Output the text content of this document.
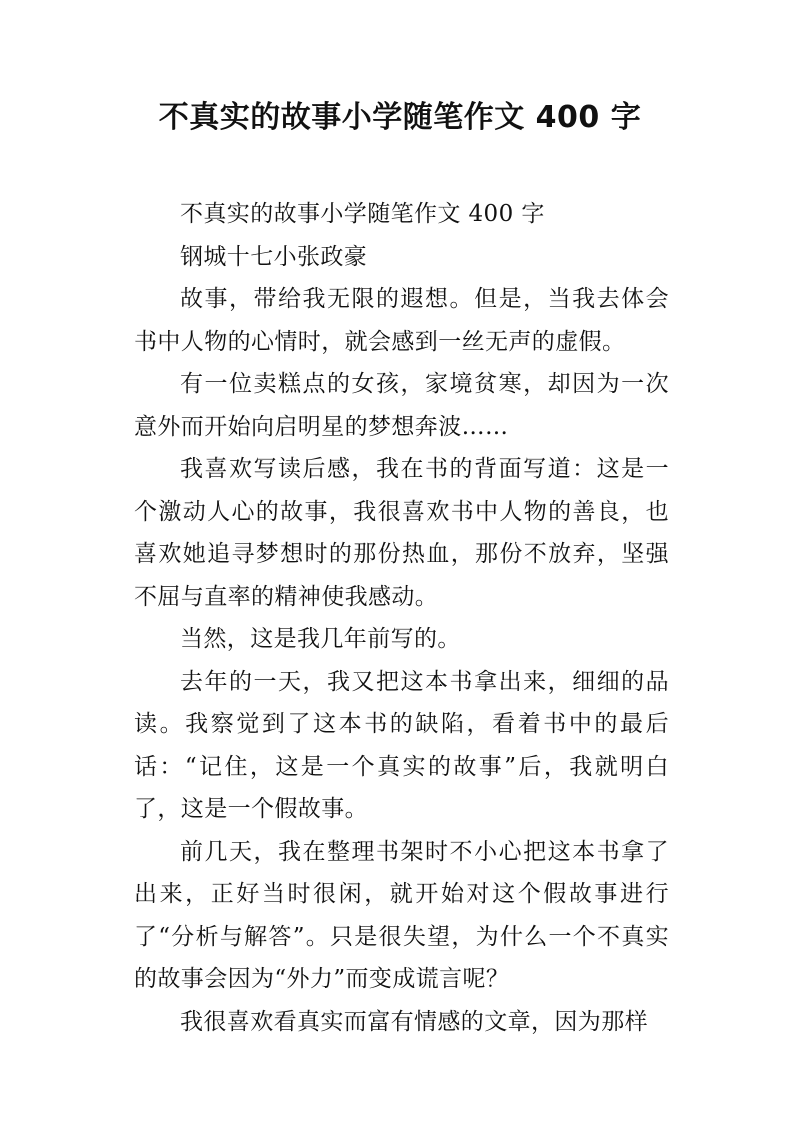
不真实的故事小学随笔作文 400 字

不真实的故事小学随笔作文 400 字

钢城十七小张政豪

故事，带给我无限的遐想。但是，当我去体会书中人物的心情时，就会感到一丝无声的虚假。

有一位卖糕点的女孩，家境贫寒，却因为一次意外而开始向启明星的梦想奔波……

我喜欢写读后感，我在书的背面写道：这是一个激动人心的故事，我很喜欢书中人物的善良，也喜欢她追寻梦想时的那份热血，那份不放弃，坚强不屈与直率的精神使我感动。

当然，这是我几年前写的。

去年的一天，我又把这本书拿出来，细细的品读。我察觉到了这本书的缺陷，看着书中的最后话：“记住，这是一个真实的故事”后，我就明白了，这是一个假故事。

前几天，我在整理书架时不小心把这本书拿了出来，正好当时很闲，就开始对这个假故事进行了“分析与解答”。只是很失望，为什么一个不真实的故事会因为“外力”而变成谎言呢？

我很喜欢看真实而富有情感的文章，因为那样
